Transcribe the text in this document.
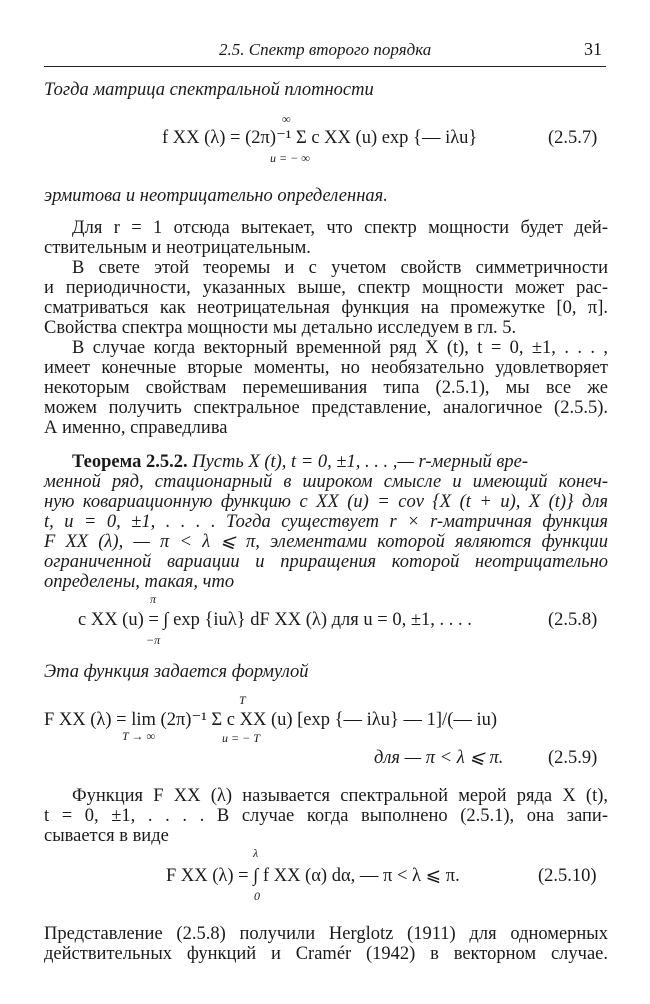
2.5. Спектр второго порядка	31
Тогда матрица спектральной плотности
∞
f XX (λ) = (2π)⁻¹ Σ c XX (u) exp {— iλu}
u = − ∞
(2.5.7)
эрмитова и неотрицательно определенная.
Для r = 1 отсюда вытекает, что спектр мощности будет дей-
ствительным и неотрицательным.
В свете этой теоремы и с учетом свойств симметричности
и периодичности, указанных выше, спектр мощности может рас-
сматриваться как неотрицательная функция на промежутке [0, π].
Свойства спектра мощности мы детально исследуем в гл. 5.
В случае когда векторный временной ряд X (t), t = 0, ±1, . . . ,
имеет конечные вторые моменты, но необязательно удовлетворяет
некоторым свойствам перемешивания типа (2.5.1), мы все же
можем получить спектральное представление, аналогичное (2.5.5).
А именно, справедлива
Теорема 2.5.2. Пусть X (t), t = 0, ±1, . . . ,— r-мерный вре-
менной ряд, стационарный в широком смысле и имеющий конеч-
ную ковариационную функцию c XX (u) = cov {X (t + u), X (t)} для
t, u = 0, ±1, . . . . Тогда существует r × r-матричная функция
F XX (λ), — π < λ ⩽ π, элементами которой являются функции
ограниченной вариации и приращения которой неотрицательно
определены, такая, что
π
c XX (u) = ∫ exp {iuλ} dF XX (λ) для u = 0, ±1, . . . .
−π
(2.5.8)
Эта функция задается формулой
T
F XX (λ) = lim (2π)⁻¹ Σ c XX (u) [exp {— iλu} — 1]/(— iu)
T → ∞	u = − T
для — π < λ ⩽ π. (2.5.9)
Функция F XX (λ) называется спектральной мерой ряда X (t),
t = 0, ±1, . . . . В случае когда выполнено (2.5.1), она запи-
сывается в виде
λ
F XX (λ) = ∫ f XX (α) dα, — π < λ ⩽ π.
0
(2.5.10)
Представление (2.5.8) получили Herglotz (1911) для одномерных
действительных функций и Cramér (1942) в векторном случае.
